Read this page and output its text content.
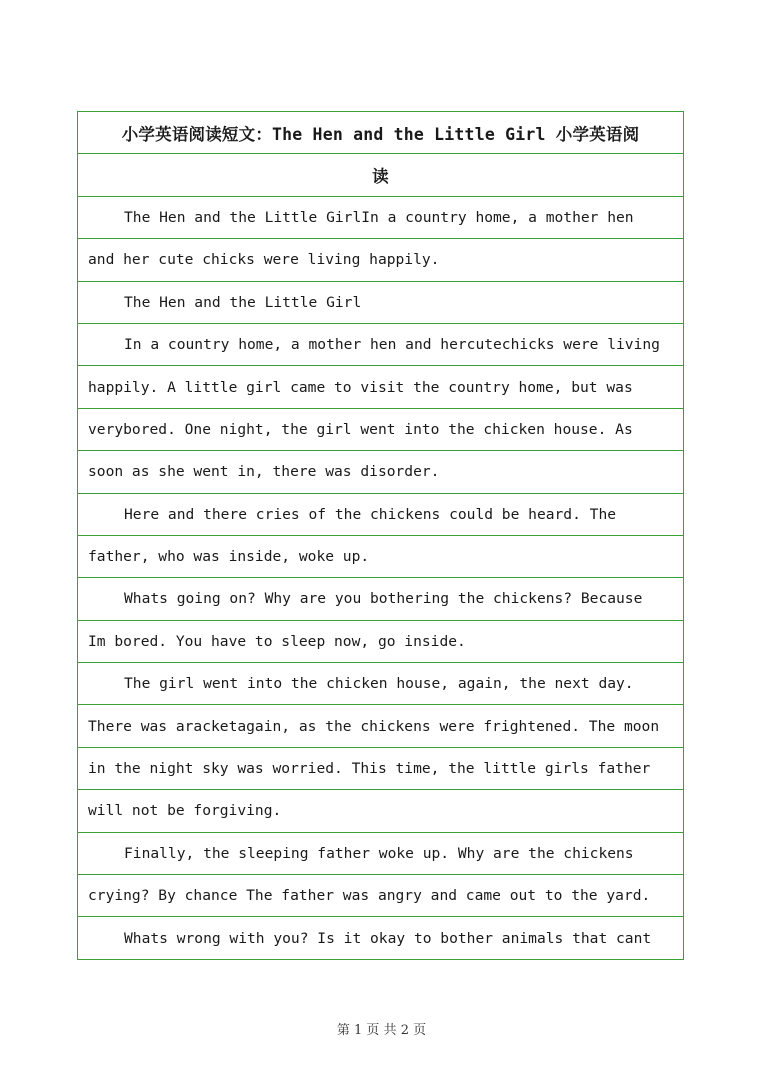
小学英语阅读短文：The Hen and the Little Girl 小学英语阅
读
The Hen and the Little GirlIn a country home, a mother hen
and her cute chicks were living happily.
The Hen and the Little Girl
In a country home, a mother hen and hercutechicks were living
happily. A little girl came to visit the country home, but was
verybored. One night, the girl went into the chicken house. As
soon as she went in, there was disorder.
Here and there cries of the chickens could be heard. The
father, who was inside, woke up.
Whats going on? Why are you bothering the chickens? Because
Im bored. You have to sleep now, go inside.
The girl went into the chicken house, again, the next day.
There was aracketagain, as the chickens were frightened. The moon
in the night sky was worried. This time, the little girls father
will not be forgiving.
Finally, the sleeping father woke up. Why are the chickens
crying? By chance The father was angry and came out to the yard.
Whats wrong with you? Is it okay to bother animals that cant
第 1 页 共 2 页
